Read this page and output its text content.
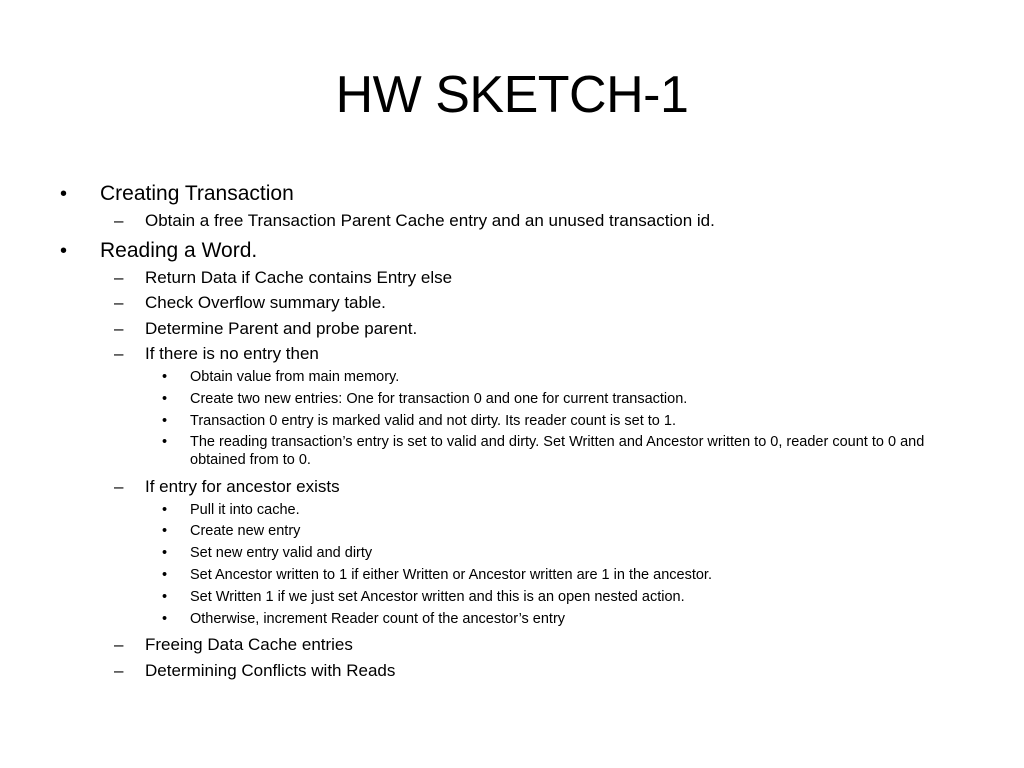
HW SKETCH-1
• Creating Transaction
– Obtain a free Transaction Parent Cache entry and an unused transaction id.
• Reading a Word.
– Return Data if Cache contains Entry else
– Check Overflow summary table.
– Determine Parent and probe parent.
– If there is no entry then
• Obtain value from main memory.
• Create two new entries: One for transaction 0 and one for current transaction.
• Transaction 0 entry is marked valid and not dirty. Its reader count is set to 1.
• The reading transaction’s entry is set to valid and dirty. Set Written and Ancestor written to 0, reader count to 0 and obtained from to 0.
– If entry for ancestor exists
• Pull it into cache.
• Create new entry
• Set new entry valid and dirty
• Set Ancestor written to 1 if either Written or Ancestor written are 1 in the ancestor.
• Set Written 1 if we just set Ancestor written and this is an open nested action.
• Otherwise, increment Reader count of the ancestor’s entry
– Freeing Data Cache entries
– Determining Conflicts with Reads
